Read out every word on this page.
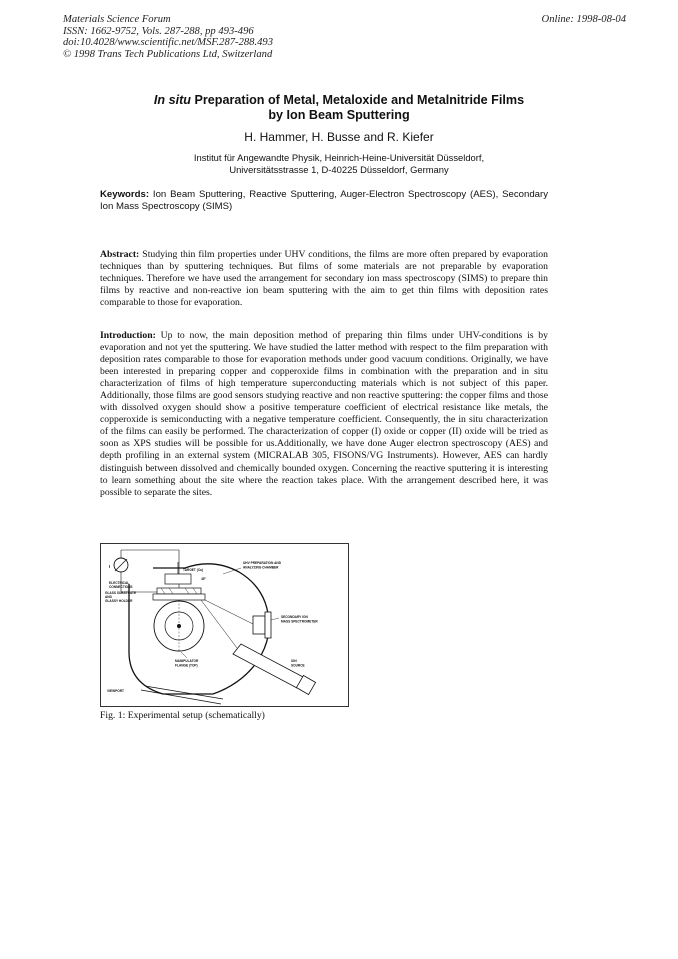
Materials Science Forum
ISSN: 1662-9752, Vols. 287-288, pp 493-496
doi:10.4028/www.scientific.net/MSF.287-288.493
© 1998 Trans Tech Publications Ltd, Switzerland
Online: 1998-08-04
In situ Preparation of Metal, Metaloxide and Metalnitride Films
by Ion Beam Sputtering
H. Hammer, H. Busse and R. Kiefer
Institut für Angewandte Physik, Heinrich-Heine-Universität Düsseldorf,
Universitätsstrasse 1, D-40225 Düsseldorf, Germany
Keywords: Ion Beam Sputtering, Reactive Sputtering, Auger-Electron Spectroscopy (AES), Secondary Ion Mass Spectroscopy (SIMS)
Abstract: Studying thin film properties under UHV conditions, the films are more often prepared by evaporation techniques than by sputtering techniques. But films of some materials are not preparable by evaporation techniques. Therefore we have used the arrangement for secondary ion mass spectroscopy (SIMS) to prepare thin films by reactive and non-reactive ion beam sputtering with the aim to get thin films with deposition rates comparable to those for evaporation.
Introduction: Up to now, the main deposition method of preparing thin films under UHV-conditions is by evaporation and not yet the sputtering. We have studied the latter method with respect to the film preparation with deposition rates comparable to those for evaporation methods under good vacuum conditions. Originally, we have been interested in preparing copper and copperoxide films in combination with the preparation and in situ characterization of films of high temperature superconducting materials which is not subject of this paper. Additionally, those films are good sensors studying reactive and non reactive sputtering: the copper films and those with dissolved oxygen should show a positive temperature coefficient of electrical resistance like metals, the copperoxide is semiconducting with a negative temperature coefficient. Consequently, the in situ characterization of the films can easily be performed. The characterization of copper (I) oxide or copper (II) oxide will be tried as soon as XPS studies will be possible for us.Additionally, we have done Auger electron spectroscopy (AES) and depth profiling in an external system (MICRALAB 305, FISONS/VG Instruments). However, AES can hardly distinguish between dissolved and chemically bounded oxygen. Concerning the reactive sputtering it is interesting to learn something about the site where the reaction takes place. With the arrangement described here, it was possible to separate the sites.
UHV PREPARATION AND
ANALYZING CHAMBER
TARGET (Cu)
45°
ELECTRICAL
CONNECTIONS
GLASS SUBSTRATE
AND
GLASSY HOLDER
SECONDARY ION
MASS SPECTROMETER
MANIPULATOR
FLANGE (TOP)
ION
SOURCE
VIEWPORT
I
Fig. 1: Experimental setup (schematically)
